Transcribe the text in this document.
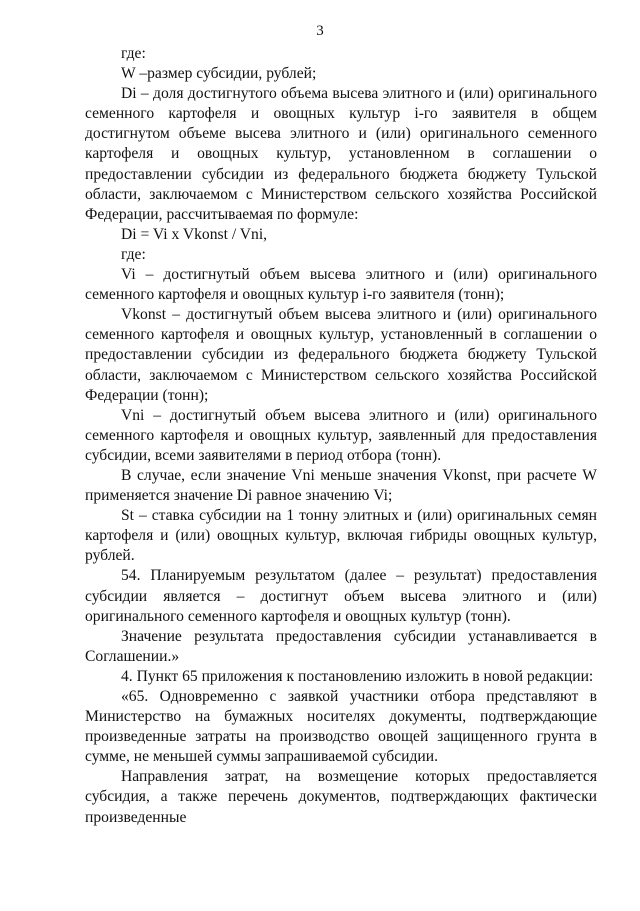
3

где:

W –размер субсидии, рублей;

Di – доля достигнутого объема высева элитного и (или) оригинального семенного картофеля и овощных культур i-го заявителя в общем достигнутом объеме высева элитного и (или) оригинального семенного картофеля и овощных культур, установленном в соглашении о предоставлении субсидии из федерального бюджета бюджету Тульской области, заключаемом с Министерством сельского хозяйства Российской Федерации, рассчитываемая по формуле:

Di = Vi x Vkonst / Vni,

где:

Vi – достигнутый объем высева элитного и (или) оригинального семенного картофеля и овощных культур i-го заявителя (тонн);

Vkonst – достигнутый объем высева элитного и (или) оригинального семенного картофеля и овощных культур, установленный в соглашении о предоставлении субсидии из федерального бюджета бюджету Тульской области, заключаемом с Министерством сельского хозяйства Российской Федерации (тонн);

Vni – достигнутый объем высева элитного и (или) оригинального семенного картофеля и овощных культур, заявленный для предоставления субсидии, всеми заявителями в период отбора (тонн).

В случае, если значение Vni меньше значения Vkonst, при расчете W применяется значение Di равное значению Vi;

St – ставка субсидии на 1 тонну элитных и (или) оригинальных семян картофеля и (или) овощных культур, включая гибриды овощных культур, рублей.

54. Планируемым результатом (далее – результат) предоставления субсидии является – достигнут объем высева элитного и (или) оригинального семенного картофеля и овощных культур (тонн).

Значение результата предоставления субсидии устанавливается в Соглашении.»

4. Пункт 65 приложения к постановлению изложить в новой редакции:

«65. Одновременно с заявкой участники отбора представляют в Министерство на бумажных носителях документы, подтверждающие произведенные затраты на производство овощей защищенного грунта в сумме, не меньшей суммы запрашиваемой субсидии.

Направления затрат, на возмещение которых предоставляется субсидия, а также перечень документов, подтверждающих фактически произведенные
